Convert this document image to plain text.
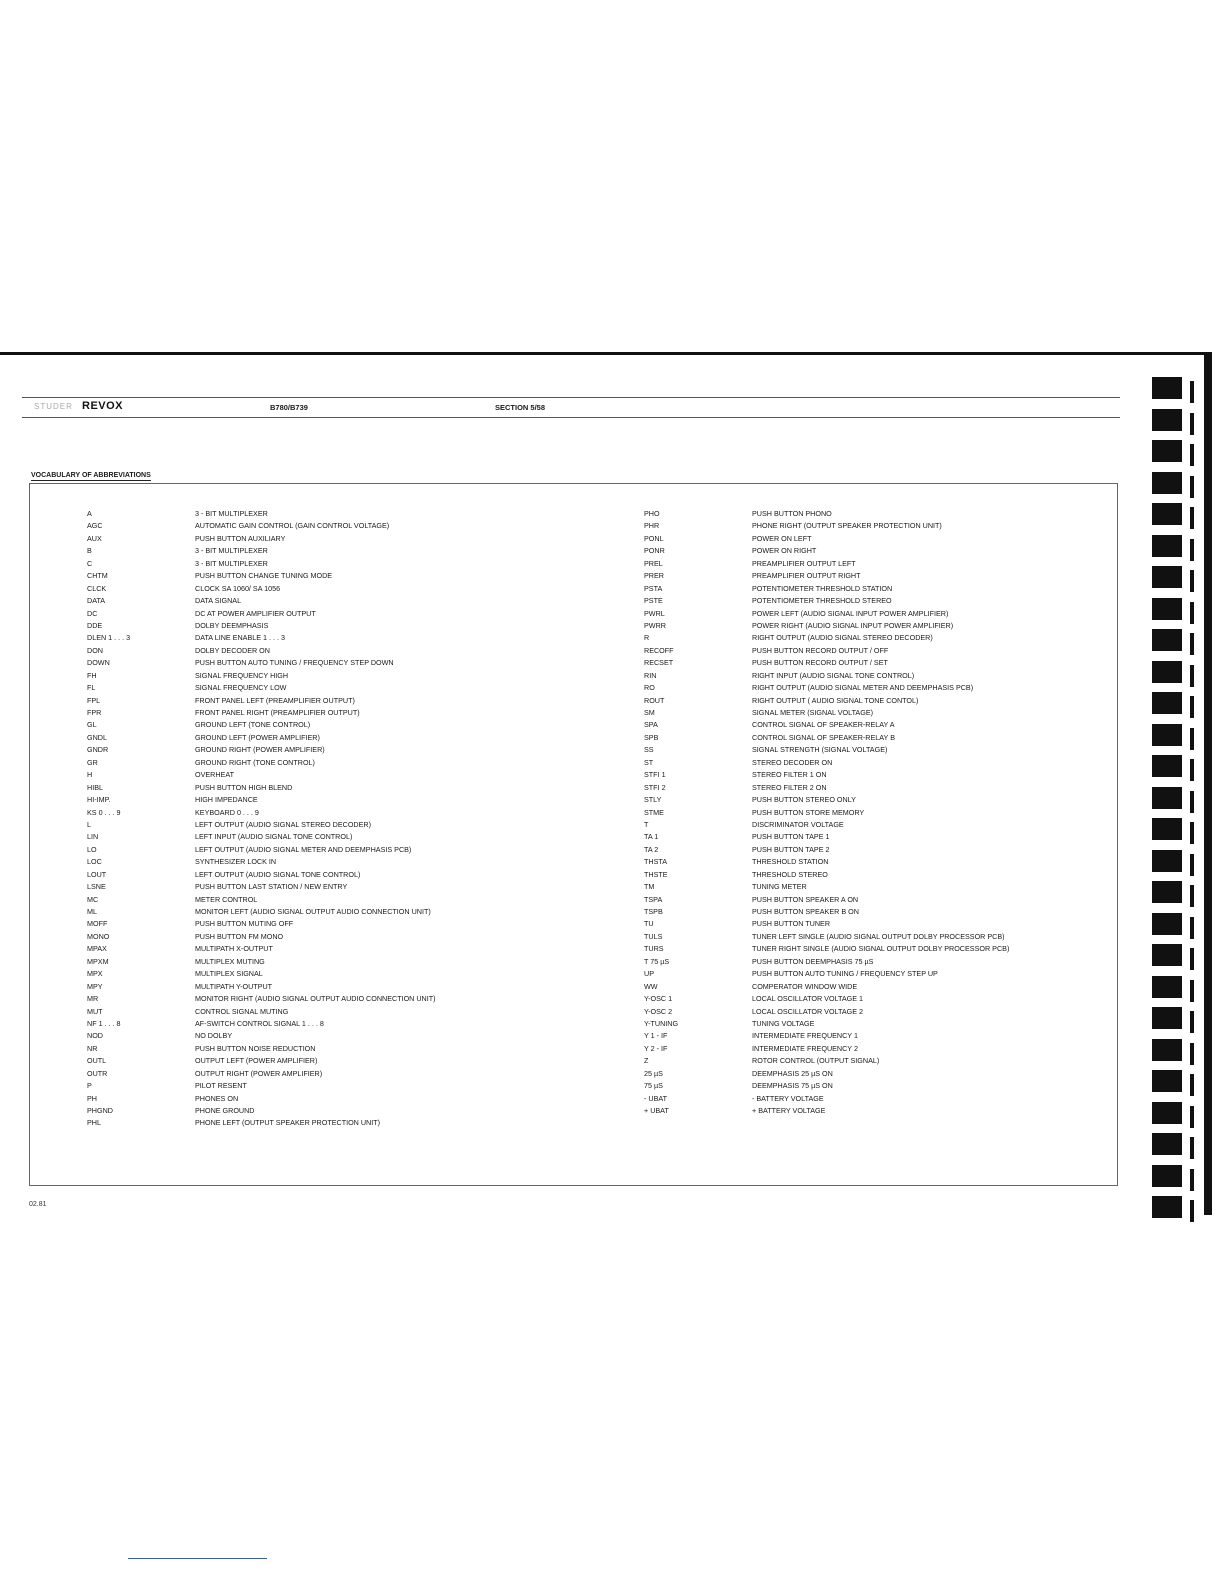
STUDER REVOX	B780/B739	SECTION 5/58
VOCABULARY OF ABBREVIATIONS
A	3 - BIT MULTIPLEXER
AGC	AUTOMATIC GAIN CONTROL (GAIN CONTROL VOLTAGE)
AUX	PUSH BUTTON AUXILIARY
B	3 - BIT MULTIPLEXER
C	3 - BIT MULTIPLEXER
CHTM	PUSH BUTTON CHANGE TUNING MODE
CLCK	CLOCK SA 1060/ SA 1056
DATA	DATA SIGNAL
DC	DC AT POWER AMPLIFIER OUTPUT
DDE	DOLBY DEEMPHASIS
DLEN 1 . . . 3	DATA LINE ENABLE 1 . . . 3
DON	DOLBY DECODER ON
DOWN	PUSH BUTTON AUTO TUNING / FREQUENCY STEP DOWN
FH	SIGNAL FREQUENCY HIGH
FL	SIGNAL FREQUENCY LOW
FPL	FRONT PANEL LEFT (PREAMPLIFIER OUTPUT)
FPR	FRONT PANEL RIGHT (PREAMPLIFIER OUTPUT)
GL	GROUND LEFT (TONE CONTROL)
GNDL	GROUND LEFT (POWER AMPLIFIER)
GNDR	GROUND RIGHT (POWER AMPLIFIER)
GR	GROUND RIGHT (TONE CONTROL)
H	OVERHEAT
HIBL	PUSH BUTTON HIGH BLEND
HI-IMP.	HIGH IMPEDANCE
KS 0 . . . 9	KEYBOARD 0 . . . 9
L	LEFT OUTPUT (AUDIO SIGNAL STEREO DECODER)
LIN	LEFT INPUT (AUDIO SIGNAL TONE CONTROL)
LO	LEFT OUTPUT (AUDIO SIGNAL METER AND DEEMPHASIS PCB)
LOC	SYNTHESIZER LOCK IN
LOUT	LEFT OUTPUT (AUDIO SIGNAL TONE CONTROL)
LSNE	PUSH BUTTON LAST STATION / NEW ENTRY
MC	METER CONTROL
ML	MONITOR LEFT (AUDIO SIGNAL OUTPUT AUDIO CONNECTION UNIT)
MOFF	PUSH BUTTON MUTING OFF
MONO	PUSH BUTTON FM MONO
MPAX	MULTIPATH X-OUTPUT
MPXM	MULTIPLEX MUTING
MPX	MULTIPLEX SIGNAL
MPY	MULTIPATH Y-OUTPUT
MR	MONITOR RIGHT (AUDIO SIGNAL OUTPUT AUDIO CONNECTION UNIT)
MUT	CONTROL SIGNAL MUTING
NF 1 . . . 8	AF-SWITCH CONTROL SIGNAL 1 . . . 8
NOD	NO DOLBY
NR	PUSH BUTTON NOISE REDUCTION
OUTL	OUTPUT LEFT (POWER AMPLIFIER)
OUTR	OUTPUT RIGHT (POWER AMPLIFIER)
P	PILOT RESENT
PH	PHONES ON
PHGND	PHONE GROUND
PHL	PHONE LEFT (OUTPUT SPEAKER PROTECTION UNIT)
PHO	PUSH BUTTON PHONO
PHR	PHONE RIGHT (OUTPUT SPEAKER PROTECTION UNIT)
PONL	POWER ON LEFT
PONR	POWER ON RIGHT
PREL	PREAMPLIFIER OUTPUT LEFT
PRER	PREAMPLIFIER OUTPUT RIGHT
PSTA	POTENTIOMETER THRESHOLD STATION
PSTE	POTENTIOMETER THRESHOLD STEREO
PWRL	POWER LEFT (AUDIO SIGNAL INPUT POWER AMPLIFIER)
PWRR	POWER RIGHT (AUDIO SIGNAL INPUT POWER AMPLIFIER)
R	RIGHT OUTPUT (AUDIO SIGNAL STEREO DECODER)
RECOFF	PUSH BUTTON RECORD OUTPUT / OFF
RECSET	PUSH BUTTON RECORD OUTPUT / SET
RIN	RIGHT INPUT (AUDIO SIGNAL TONE CONTROL)
RO	RIGHT OUTPUT (AUDIO SIGNAL METER AND DEEMPHASIS PCB)
ROUT	RIGHT OUTPUT ( AUDIO SIGNAL TONE CONTOL)
SM	SIGNAL METER (SIGNAL VOLTAGE)
SPA	CONTROL SIGNAL OF SPEAKER-RELAY A
SPB	CONTROL SIGNAL OF SPEAKER-RELAY B
SS	SIGNAL STRENGTH (SIGNAL VOLTAGE)
ST	STEREO DECODER ON
STFI 1	STEREO FILTER 1 ON
STFI 2	STEREO FILTER 2 ON
STLY	PUSH BUTTON STEREO ONLY
STME	PUSH BUTTON STORE MEMORY
T	DISCRIMINATOR VOLTAGE
TA 1	PUSH BUTTON TAPE 1
TA 2	PUSH BUTTON TAPE 2
THSTA	THRESHOLD STATION
THSTE	THRESHOLD STEREO
TM	TUNING METER
TSPA	PUSH BUTTON SPEAKER A ON
TSPB	PUSH BUTTON SPEAKER B ON
TU	PUSH BUTTON TUNER
TULS	TUNER LEFT SINGLE (AUDIO SIGNAL OUTPUT DOLBY PROCESSOR PCB)
TURS	TUNER RIGHT SINGLE (AUDIO SIGNAL OUTPUT DOLBY PROCESSOR PCB)
T 75 µS	PUSH BUTTON DEEMPHASIS 75 µS
UP	PUSH BUTTON AUTO TUNING / FREQUENCY STEP UP
WW	COMPERATOR WINDOW WIDE
Y-OSC 1	LOCAL OSCILLATOR VOLTAGE 1
Y-OSC 2	LOCAL OSCILLATOR VOLTAGE 2
Y-TUNING	TUNING VOLTAGE
Y 1 - IF	INTERMEDIATE FREQUENCY 1
Y 2 - IF	INTERMEDIATE FREQUENCY 2
Z	ROTOR CONTROL (OUTPUT SIGNAL)
25 µS	DEEMPHASIS 25 µS ON
75 µS	DEEMPHASIS 75 µS ON
- UBAT	- BATTERY VOLTAGE
+ UBAT	+ BATTERY VOLTAGE
02.81
